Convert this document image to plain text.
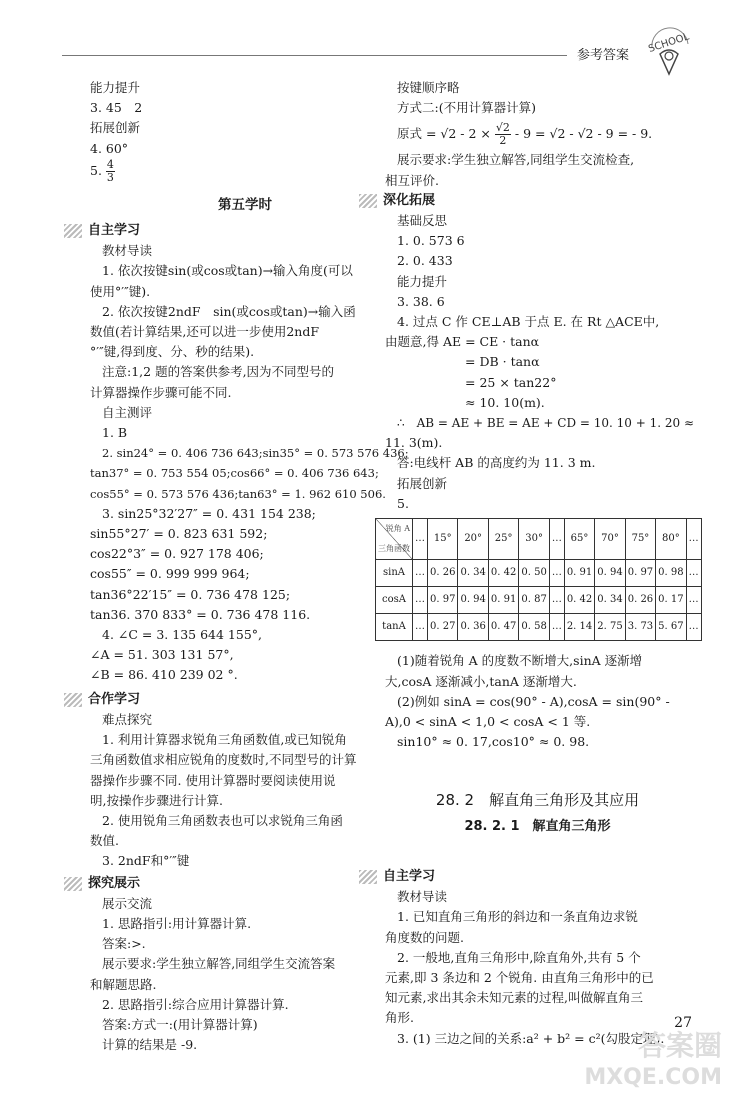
参考答案
SCHOOL
能力提升
3. 45　2
拓展创新
4. 60°
5. $\frac{4}{3}$
第五学时
自主学习
教材导读
1. 依次按键sin(或cos或tan)→输入角度(可以
使用°′″键).
2. 依次按键2ndF　sin(或cos或tan)→输入函
数值(若计算结果,还可以进一步使用2ndF
°′″键,得到度、分、秒的结果).
注意:1,2 题的答案供参考,因为不同型号的
计算器操作步骤可能不同.
自主测评
1. B
2. sin24° = 0. 406 736 643;sin35° = 0. 573 576 436;
tan37° = 0. 753 554 05;cos66° = 0. 406 736 643;
cos55° = 0. 573 576 436;tan63° = 1. 962 610 506.
3. sin25°32′27″ = 0. 431 154 238;
sin55°27′ = 0. 823 631 592;
cos22°3″ = 0. 927 178 406;
cos55″ = 0. 999 999 964;
tan36°22′15″ = 0. 736 478 125;
tan36. 370 833° = 0. 736 478 116.
4. ∠C = 3. 135 644 155°,
∠A = 51. 303 131 57°,
∠B = 86. 410 239 02 °.
合作学习
难点探究
1. 利用计算器求锐角三角函数值,或已知锐角
三角函数值求相应锐角的度数时,不同型号的计算
器操作步骤不同. 使用计算器时要阅读使用说
明,按操作步骤进行计算.
2. 使用锐角三角函数表也可以求锐角三角函
数值.
3. 2ndF和°′″键
探究展示
展示交流
1. 思路指引:用计算器计算.
答案:>.
展示要求:学生独立解答,同组学生交流答案
和解题思路.
2. 思路指引:综合应用计算器计算.
答案:方式一:(用计算器计算)
计算的结果是 -9.
按键顺序略
方式二:(不用计算器计算)
原式 = $√2 - 2 \times \frac{√2}{2} - 9 = √2 - √2 - 9$ = - 9.
展示要求:学生独立解答,同组学生交流检查,
相互评价.
深化拓展
基础反思
1. 0. 573 6
2. 0. 433
能力提升
3. 38. 6
4. 过点 C 作 CE⊥AB 于点 E. 在 Rt △ACE中,
由题意,得 AE = CE · tanα
= DB · tanα
= 25 × tan22°
≈ 10. 10(m).
∴　AB = AE + BE = AE + CD = 10. 10 + 1. 20 ≈
11. 3(m).
答:电线杆 AB 的高度约为 11. 3 m.
拓展创新
5.
锐角 A
三角函数	…	15°	20°	25°	30°	…	65°	70°	75°	80°	…
sinA	…	0. 26	0. 34	0. 42	0. 50	…	0. 91	0. 94	0. 97	0. 98	…
cosA	…	0. 97	0. 94	0. 91	0. 87	…	0. 42	0. 34	0. 26	0. 17	…
tanA	…	0. 27	0. 36	0. 47	0. 58	…	2. 14	2. 75	3. 73	5. 67	…
(1)随着锐角 A 的度数不断增大,sinA 逐渐增
大,cosA 逐渐减小,tanA 逐渐增大.
(2)例如 sinA = cos(90° - A),cosA = sin(90° -
A),0 < sinA < 1,0 < cosA < 1 等.
sin10° ≈ 0. 17,cos10° ≈ 0. 98.
28. 2　解直角三角形及其应用
28. 2. 1　解直角三角形
自主学习
教材导读
1. 已知直角三角形的斜边和一条直角边求锐
角度数的问题.
2. 一般地,直角三角形中,除直角外,共有 5 个
元素,即 3 条边和 2 个锐角. 由直角三角形中的已
知元素,求出其余未知元素的过程,叫做解直角三
角形.
3. (1) 三边之间的关系:a² + b² = c²(勾股定理).
27
答案圈
MXQE.COM
